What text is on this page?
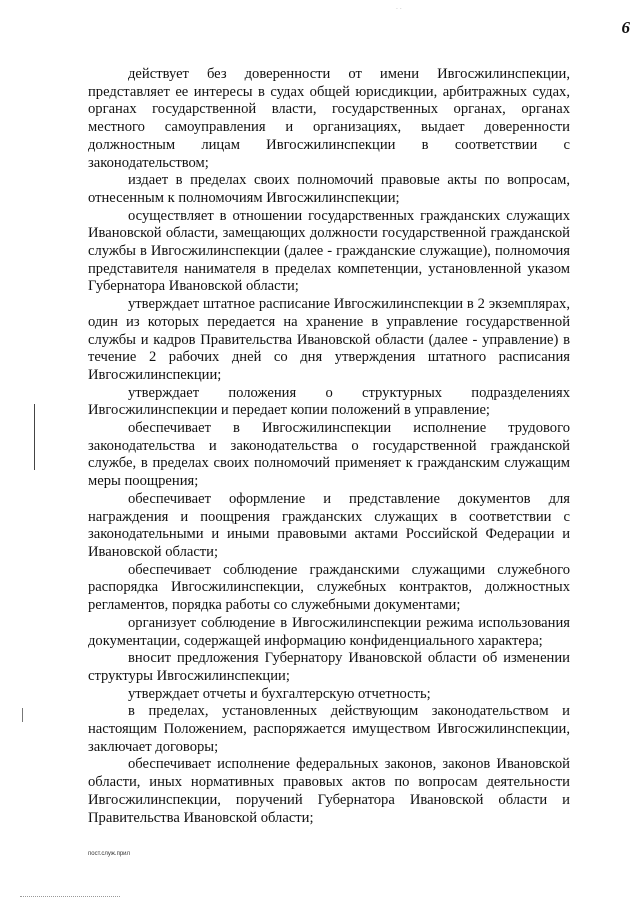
· ·
6

действует без доверенности от имени Ивгосжилинспекции, представляет ее интересы в судах общей юрисдикции, арбитражных судах, органах государственной власти, государственных органах, органах местного самоуправления и организациях, выдает доверенности должностным лицам Ивгосжилинспекции в соответствии с законодательством;

издает в пределах своих полномочий правовые акты по вопросам, отнесенным к полномочиям Ивгосжилинспекции;

осуществляет в отношении государственных гражданских служащих Ивановской области, замещающих должности государственной гражданской службы в Ивгосжилинспекции (далее - гражданские служащие), полномочия представителя нанимателя в пределах компетенции, установленной указом Губернатора Ивановской области;

утверждает штатное расписание Ивгосжилинспекции в 2 экземплярах, один из которых передается на хранение в управление государственной службы и кадров Правительства Ивановской области (далее - управление) в течение 2 рабочих дней со дня утверждения штатного расписания Ивгосжилинспекции;

утверждает положения о структурных подразделениях Ивгосжилинспекции и передает копии положений в управление;

обеспечивает в Ивгосжилинспекции исполнение трудового законодательства и законодательства о государственной гражданской службе, в пределах своих полномочий применяет к гражданским служащим меры поощрения;

обеспечивает оформление и представление документов для награждения и поощрения гражданских служащих в соответствии с законодательными и иными правовыми актами Российской Федерации и Ивановской области;

обеспечивает соблюдение гражданскими служащими служебного распорядка Ивгосжилинспекции, служебных контрактов, должностных регламентов, порядка работы со служебными документами;

организует соблюдение в Ивгосжилинспекции режима использования документации, содержащей информацию конфиденциального характера;

вносит предложения Губернатору Ивановской области об изменении структуры Ивгосжилинспекции;

утверждает отчеты и бухгалтерскую отчетность;

в пределах, установленных действующим законодательством и настоящим Положением, распоряжается имуществом Ивгосжилинспекции, заключает договоры;

обеспечивает исполнение федеральных законов, законов Ивановской области, иных нормативных правовых актов по вопросам деятельности Ивгосжилинспекции, поручений Губернатора Ивановской области и Правительства Ивановской области;

пост.служ.прил
